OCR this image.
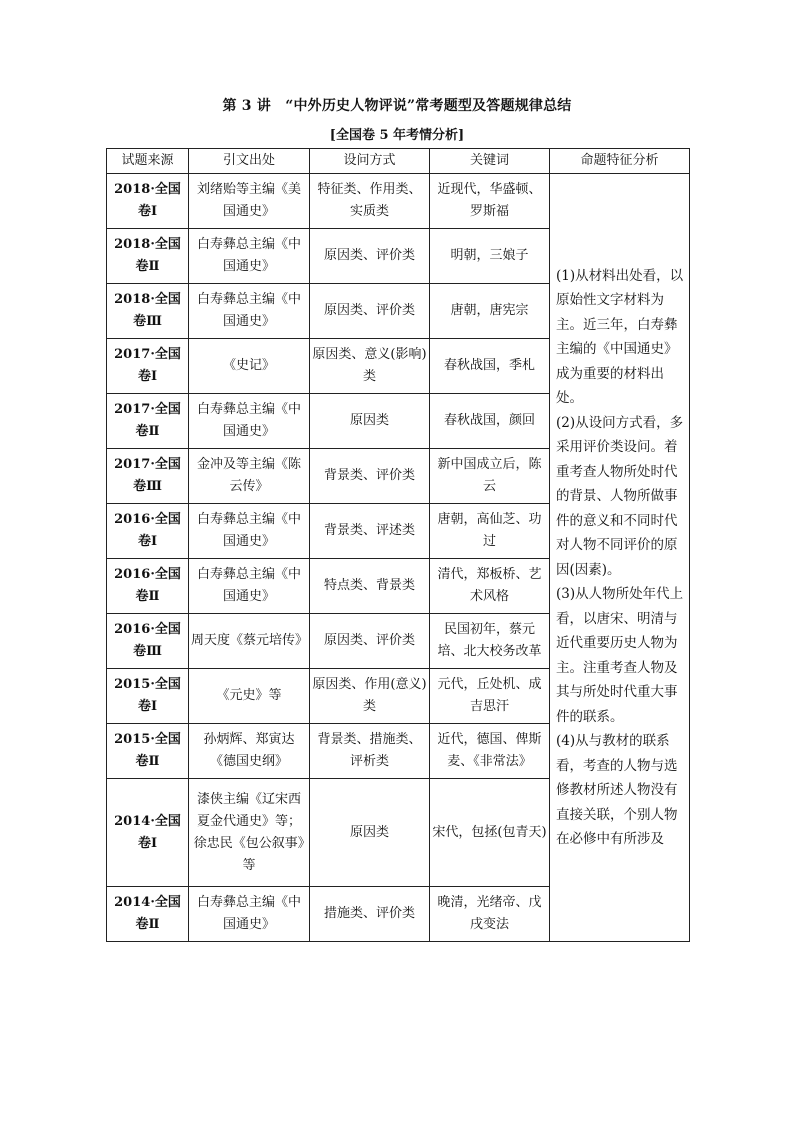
第 3 讲　“中外历史人物评说”常考题型及答题规律总结
[全国卷 5 年考情分析]
试题来源	引文出处	设问方式	关键词	命题特征分析
2018·全国卷Ⅰ	刘绪贻等主编《美国通史》	特征类、作用类、实质类	近现代，华盛顿、罗斯福	(1)从材料出处看，以原始性文字材料为主。近三年，白寿彝主编的《中国通史》成为重要的材料出处。
(2)从设问方式看，多采用评价类设问。着重考查人物所处时代的背景、人物所做事件的意义和不同时代对人物不同评价的原因(因素)。
(3)从人物所处年代上看，以唐宋、明清与近代重要历史人物为主。注重考查人物及其与所处时代重大事件的联系。
(4)从与教材的联系看，考查的人物与选修教材所述人物没有直接关联，个别人物在必修中有所涉及

2018·全国卷Ⅱ	白寿彝总主编《中国通史》	原因类、评价类	明朝，三娘子	
2018·全国卷Ⅲ	白寿彝总主编《中国通史》	原因类、评价类	唐朝，唐宪宗	
2017·全国卷Ⅰ	《史记》	原因类、意义(影响)类	春秋战国，季札	
2017·全国卷Ⅱ	白寿彝总主编《中国通史》	原因类	春秋战国，颜回	
2017·全国卷Ⅲ	金冲及等主编《陈云传》	背景类、评价类	新中国成立后，陈云	
2016·全国卷Ⅰ	白寿彝总主编《中国通史》	背景类、评述类	唐朝，高仙芝、功过	
2016·全国卷Ⅱ	白寿彝总主编《中国通史》	特点类、背景类	清代，郑板桥、艺术风格	
2016·全国卷Ⅲ	周天度《蔡元培传》	原因类、评价类	民国初年，蔡元培、北大校务改革	
2015·全国卷Ⅰ	《元史》等	原因类、作用(意义)类	元代，丘处机、成吉思汗	
2015·全国卷Ⅱ	孙炳辉、郑寅达《德国史纲》	背景类、措施类、评析类	近代，德国、俾斯麦、《非常法》	
2014·全国卷Ⅰ	漆侠主编《辽宋西夏金代通史》等；徐忠民《包公叙事》等	原因类	宋代，包拯(包青天)	
2014·全国卷Ⅱ	白寿彝总主编《中国通史》	措施类、评价类	晚清，光绪帝、戊戌变法	
